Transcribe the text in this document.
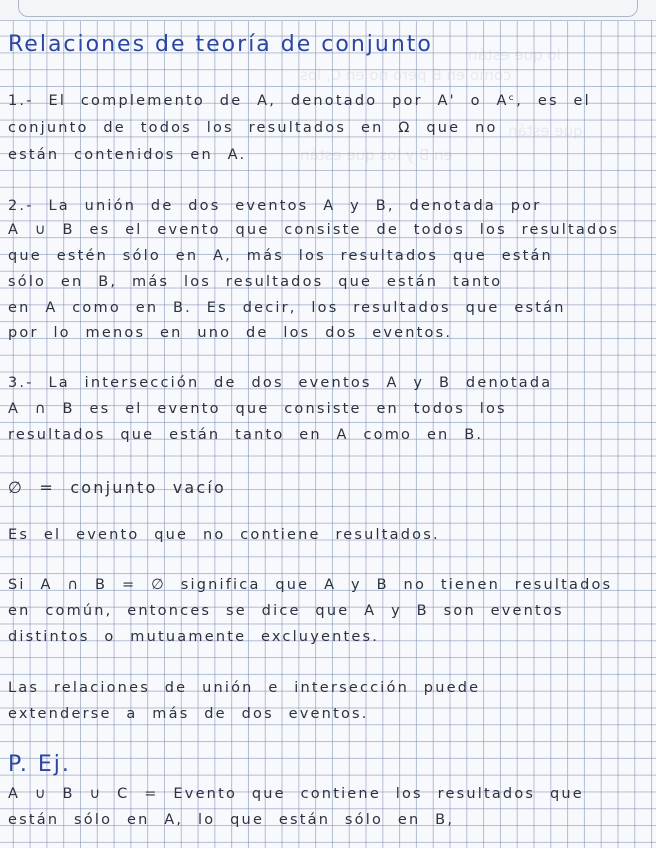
lo que están
como en B pero no en C, los
que están
en B y los que están
Relaciones de teoría de conjunto
1.- El complemento de A, denotado por A' o Aᶜ, es el
conjunto de todos los resultados en Ω que no
están contenidos en A.
2.- La unión de dos eventos A y B, denotada por
A ∪ B es el evento que consiste de todos los resultados
que estén sólo en A, más los resultados que están
sólo en B, más los resultados que están tanto
en A como en B. Es decir, los resultados que están
por lo menos en uno de los dos eventos.
3.- La intersección de dos eventos A y B denotada
A ∩ B es el evento que consiste en todos los
resultados que están tanto en A como en B.
∅ = conjunto vacío
Es el evento que no contiene resultados.
Si A ∩ B = ∅ significa que A y B no tienen resultados
en común, entonces se dice que A y B son eventos
distintos o mutuamente excluyentes.
Las relaciones de unión e intersección puede
extenderse a más de dos eventos.
P. Ej.
A ∪ B ∪ C = Evento que contiene los resultados que
están sólo en A, lo que están sólo en B,
